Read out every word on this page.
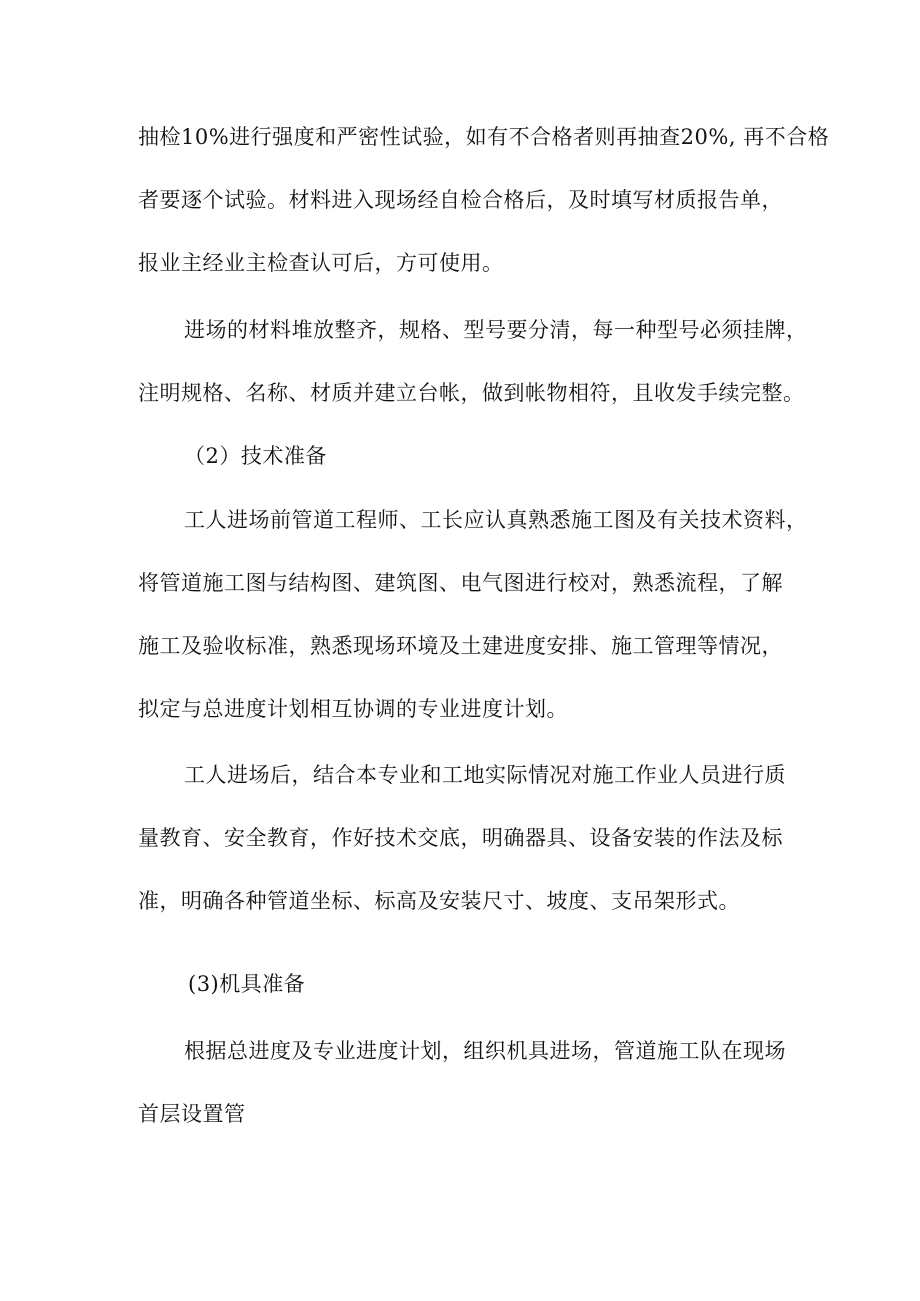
抽检10%进行强度和严密性试验，如有不合格者则再抽查20%, 再不合格
者要逐个试验。材料进入现场经自检合格后，及时填写材质报告单，
报业主经业主检查认可后，方可使用。
进场的材料堆放整齐，规格、型号要分清，每一种型号必须挂牌，
注明规格、名称、材质并建立台帐，做到帐物相符，且收发手续完整。
（2）技术准备
工人进场前管道工程师、工长应认真熟悉施工图及有关技术资料，
将管道施工图与结构图、建筑图、电气图进行校对，熟悉流程，了解
施工及验收标准，熟悉现场环境及土建进度安排、施工管理等情况，
拟定与总进度计划相互协调的专业进度计划。
工人进场后，结合本专业和工地实际情况对施工作业人员进行质
量教育、安全教育，作好技术交底，明确器具、设备安装的作法及标
准，明确各种管道坐标、标高及安装尺寸、坡度、支吊架形式。
(3)机具准备
根据总进度及专业进度计划，组织机具进场，管道施工队在现场
首层设置管
